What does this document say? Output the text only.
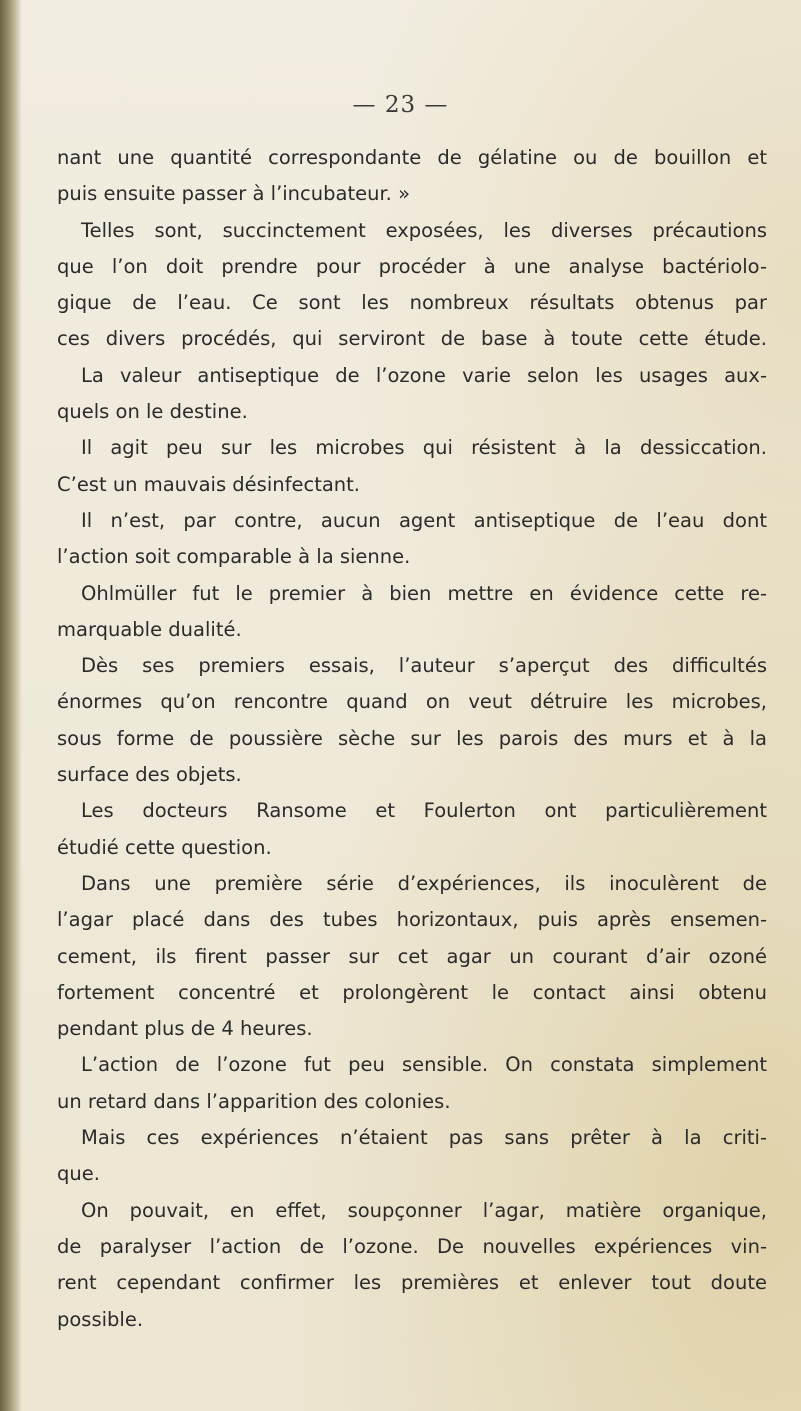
— 23 —

nant une quantité correspondante de gélatine ou de bouillon et
puis ensuite passer à l’incubateur. »
Telles sont, succinctement exposées, les diverses précautions
que l’on doit prendre pour procéder à une analyse bactériolo-
gique de l’eau. Ce sont les nombreux résultats obtenus par
ces divers procédés, qui serviront de base à toute cette étude.
La valeur antiseptique de l’ozone varie selon les usages aux-
quels on le destine.
Il agit peu sur les microbes qui résistent à la dessiccation.
C’est un mauvais désinfectant.
Il n’est, par contre, aucun agent antiseptique de l’eau dont
l’action soit comparable à la sienne.
Ohlmüller fut le premier à bien mettre en évidence cette re-
marquable dualité.
Dès ses premiers essais, l’auteur s’aperçut des difficultés
énormes qu’on rencontre quand on veut détruire les microbes,
sous forme de poussière sèche sur les parois des murs et à la
surface des objets.
Les docteurs Ransome et Foulerton ont particulièrement
étudié cette question.
Dans une première série d’expériences, ils inoculèrent de
l’agar placé dans des tubes horizontaux, puis après ensemen-
cement, ils firent passer sur cet agar un courant d’air ozoné
fortement concentré et prolongèrent le contact ainsi obtenu
pendant plus de 4 heures.
L’action de l’ozone fut peu sensible. On constata simplement
un retard dans l’apparition des colonies.
Mais ces expériences n’étaient pas sans prêter à la criti-
que.
On pouvait, en effet, soupçonner l’agar, matière organique,
de paralyser l’action de l’ozone. De nouvelles expériences vin-
rent cependant confirmer les premières et enlever tout doute
possible.
